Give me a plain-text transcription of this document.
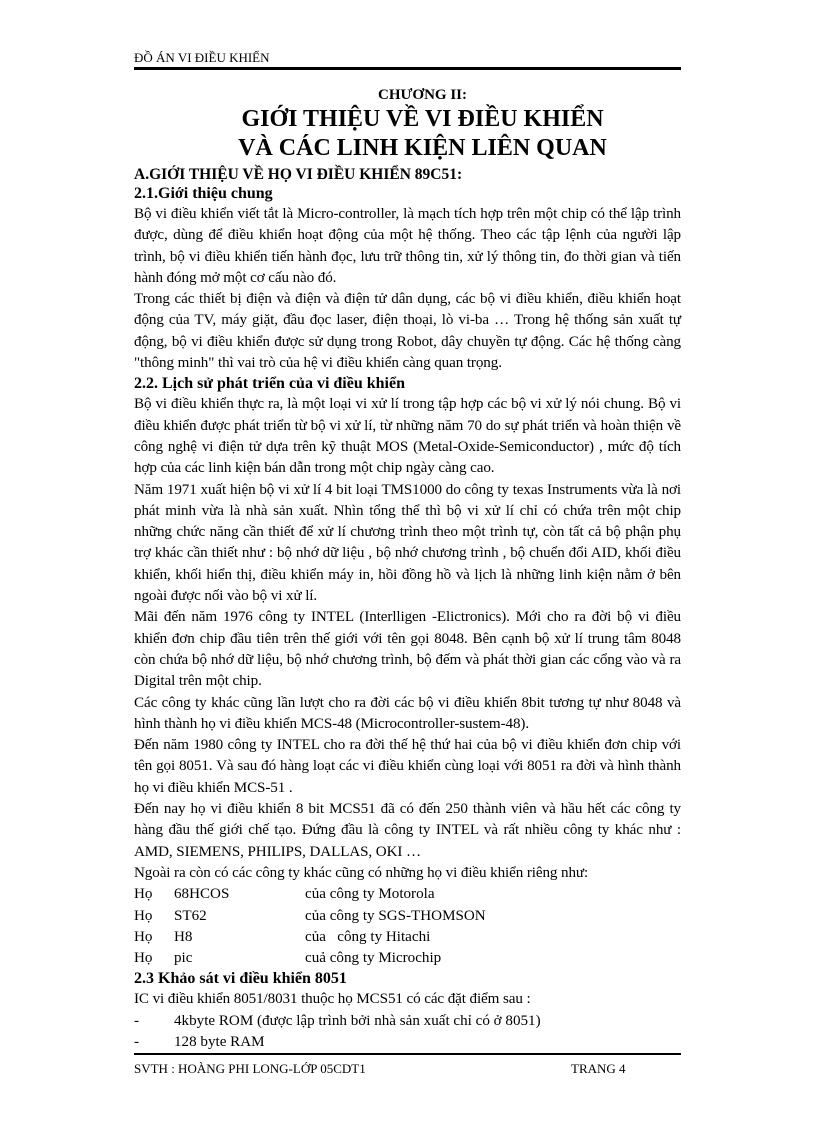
ĐỒ ÁN VI ĐIỀU KHIỂN
CHƯƠNG II:
GIỚI THIỆU VỀ VI ĐIỀU KHIỂN
VÀ CÁC LINH KIỆN LIÊN QUAN
A.GIỚI THIỆU VỀ HỌ VI ĐIỀU KHIỂN 89C51:
2.1.Giới thiệu chung

Bộ vi điều khiển viết tắt là Micro-controller, là mạch tích hợp trên một chip có thể lập trình được, dùng để điều khiển hoạt động của một hệ thống. Theo các tập lệnh của người lập trình, bộ vi điều khiển tiến hành đọc, lưu trữ thông tin, xử lý thông tin, đo thời gian và tiến hành đóng mở một cơ cấu nào đó.

Trong các thiết bị điện và điện và điện tử dân dụng, các bộ vi điều khiển, điều khiển hoạt động của TV, máy giặt, đầu đọc laser, điện thoại, lò vi-ba … Trong hệ thống sản xuất tự động, bộ vi điều khiển được sử dụng trong Robot, dây chuyền tự động. Các hệ thống càng "thông minh" thì vai trò của hệ vi điều khiển càng quan trọng.

2.2. Lịch sử phát triển của vi điều khiển

Bộ vi điều khiển thực ra, là một loại vi xử lí trong tập hợp các bộ vi xử lý nói chung. Bộ vi điều khiển được phát triển từ bộ vi xử lí, từ những năm 70 do sự phát triển và hoàn thiện về công nghệ vi điện tử dựa trên kỹ thuật MOS (Metal-Oxide-Semiconductor) , mức độ tích hợp của các linh kiện bán dẫn trong một chip ngày càng cao.

Năm 1971 xuất hiện bộ vi xử lí 4 bit loại TMS1000 do công ty texas Instruments vừa là nơi phát minh vừa là nhà sản xuất. Nhìn tổng thể thì bộ vi xử lí chỉ có chứa trên một chip những chức năng cần thiết để xử lí chương trình theo một trình tự, còn tất cả bộ phận phụ trợ khác cần thiết như : bộ nhớ dữ liệu , bộ nhớ chương trình , bộ chuển đổi AID, khối điều khiển, khối hiển thị, điều khiển máy in, hồi đồng hồ và lịch là những linh kiện nằm ở bên ngoài được nối vào bộ vi xử lí.

Mãi đến năm 1976 công ty INTEL (Interlligen -Elictronics). Mới cho ra đời bộ vi điều khiển đơn chip đầu tiên trên thế giới với tên gọi 8048. Bên cạnh bộ xử lí trung tâm 8048 còn chứa bộ nhớ dữ liệu, bộ nhớ chương trình, bộ đếm và phát thời gian các cổng vào và ra Digital trên một chip.

Các công ty khác cũng lần lượt cho ra đời các bộ vi điều khiển 8bit tương tự như 8048 và hình thành họ vi điều khiển MCS-48 (Microcontroller-sustem-48).

Đến năm 1980 công ty INTEL cho ra đời thế hệ thứ hai của bộ vi điều khiển đơn chip với tên gọi 8051. Và sau đó hàng loạt các vi điều khiển cùng loại với 8051 ra đời và hình thành họ vi điều khiển MCS-51 .

Đến nay họ vi điều khiển 8 bit MCS51 đã có đến 250 thành viên và hầu hết các công ty hàng đầu thế giới chế tạo. Đứng đầu là công ty INTEL và rất nhiều công ty khác như : AMD, SIEMENS, PHILIPS, DALLAS, OKI …

Ngoài ra còn có các công ty khác cũng có những họ vi điều khiển riêng như:

Họ	68HCOS	của công ty Motorola
Họ	ST62	của công ty SGS-THOMSON
Họ	H8	của   công ty Hitachi
Họ	pic	cuả công ty Microchip
2.3 Khảo sát vi điều khiển 8051

IC vi điều khiển 8051/8031 thuộc họ MCS51 có các đặt điểm sau :

-	4kbyte ROM (được lập trình bởi nhà sản xuất chỉ có ở 8051)
-	128 byte RAM
SVTH : HOÀNG PHI LONG-LỚP 05CDT1	TRANG 4
